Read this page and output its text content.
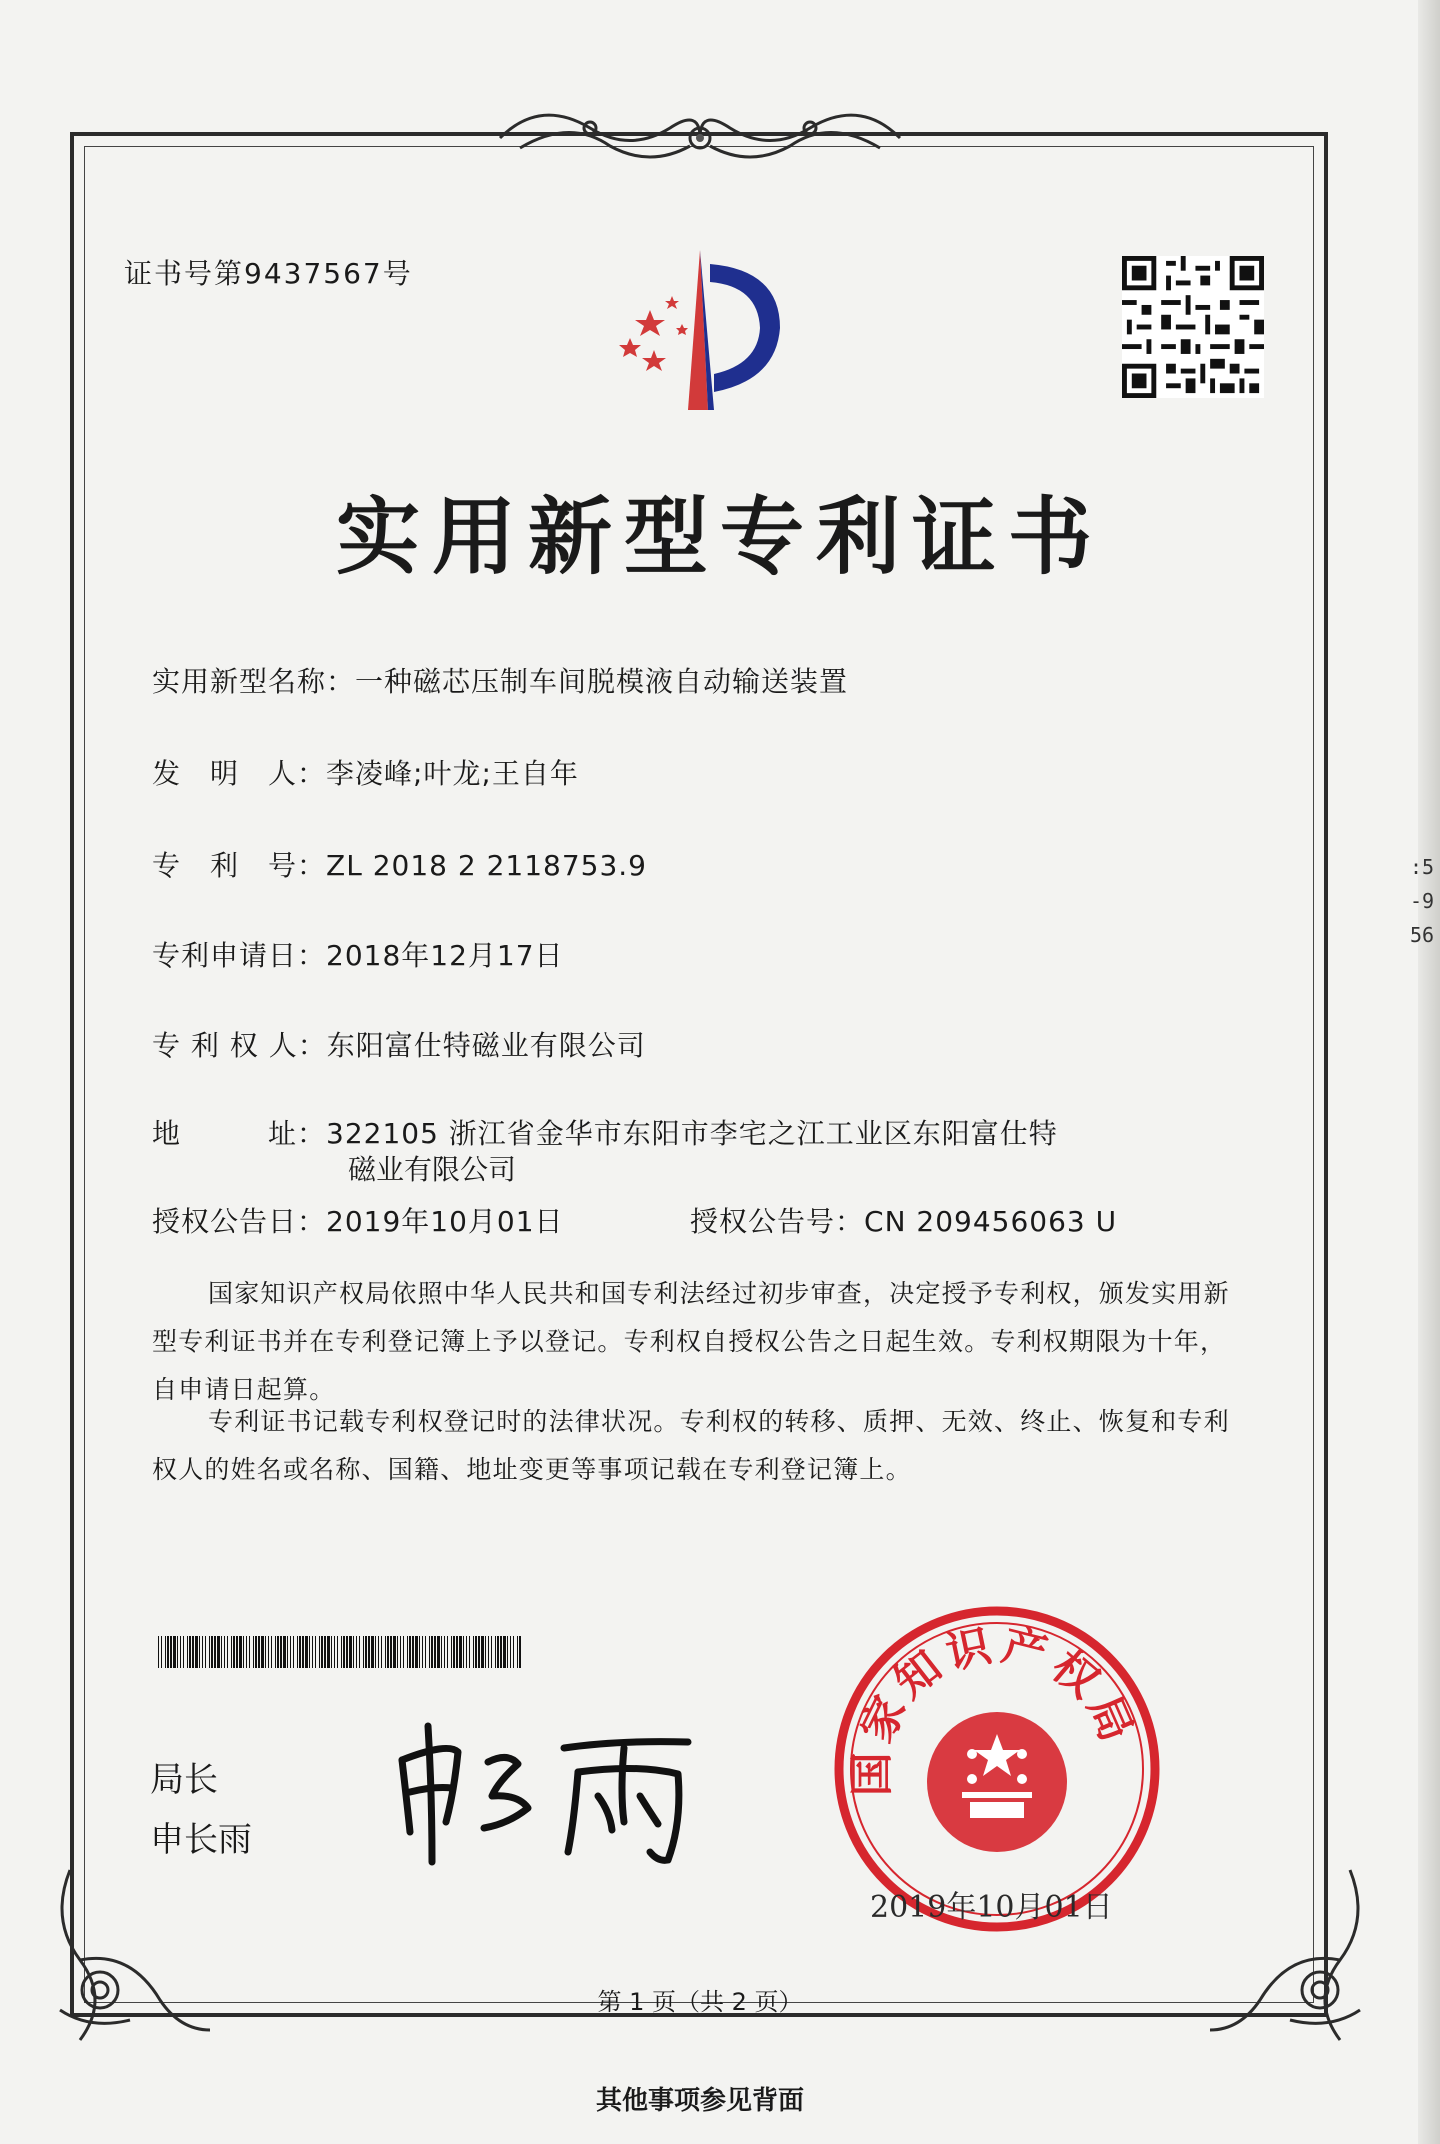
:5
-9
56
证书号第9437567号
实用新型专利证书
实用新型名称：一种磁芯压制车间脱模液自动输送装置
发　明　人：李凌峰;叶龙;王自年
专　利　号：ZL 2018 2 2118753.9
专利申请日：2018年12月17日
专 利 权 人：东阳富仕特磁业有限公司
地　　　址：322105 浙江省金华市东阳市李宅之江工业区东阳富仕特
磁业有限公司
授权公告日：2019年10月01日	授权公告号：CN 209456063 U
国家知识产权局依照中华人民共和国专利法经过初步审查，决定授予专利权，颁发实用新型专利证书并在专利登记簿上予以登记。专利权自授权公告之日起生效。专利权期限为十年，自申请日起算。
专利证书记载专利权登记时的法律状况。专利权的转移、质押、无效、终止、恢复和专利权人的姓名或名称、国籍、地址变更等事项记载在专利登记簿上。
局长
申长雨
国家知识产权局
2019年10月01日
第 1 页（共 2 页）
其他事项参见背面
